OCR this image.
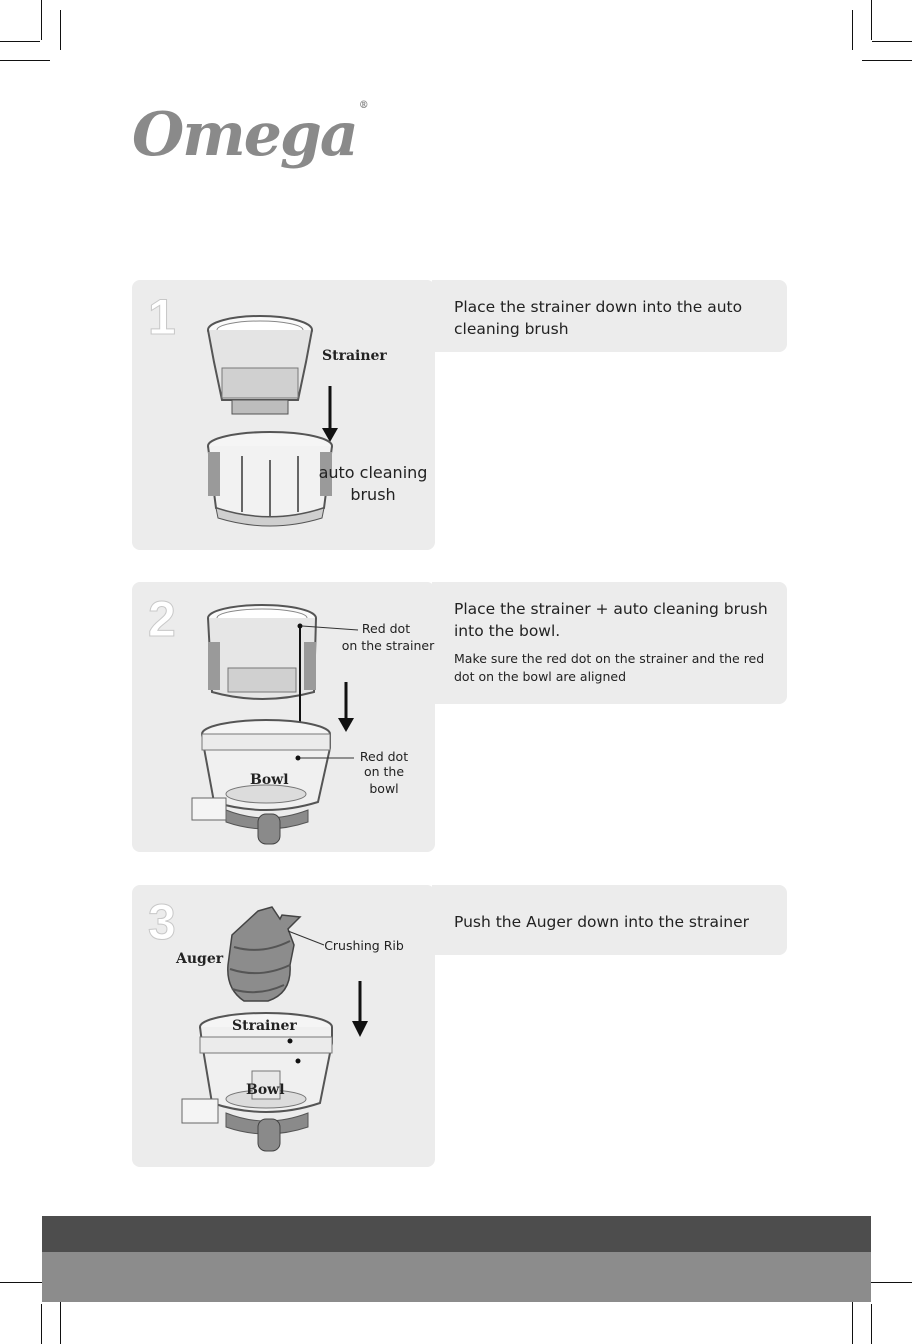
Omega ®
1
Strainer
auto cleaning brush
Place the strainer down into the auto cleaning brush
2	Red dot
on the strainer
Red dot
on the bowl
Bowl
Place the strainer + auto cleaning brush into the bowl.
Make sure the red dot on the strainer and the red dot on the bowl are aligned
3
Auger
Crushing Rib
Strainer
Bowl
Push the Auger down into the strainer
